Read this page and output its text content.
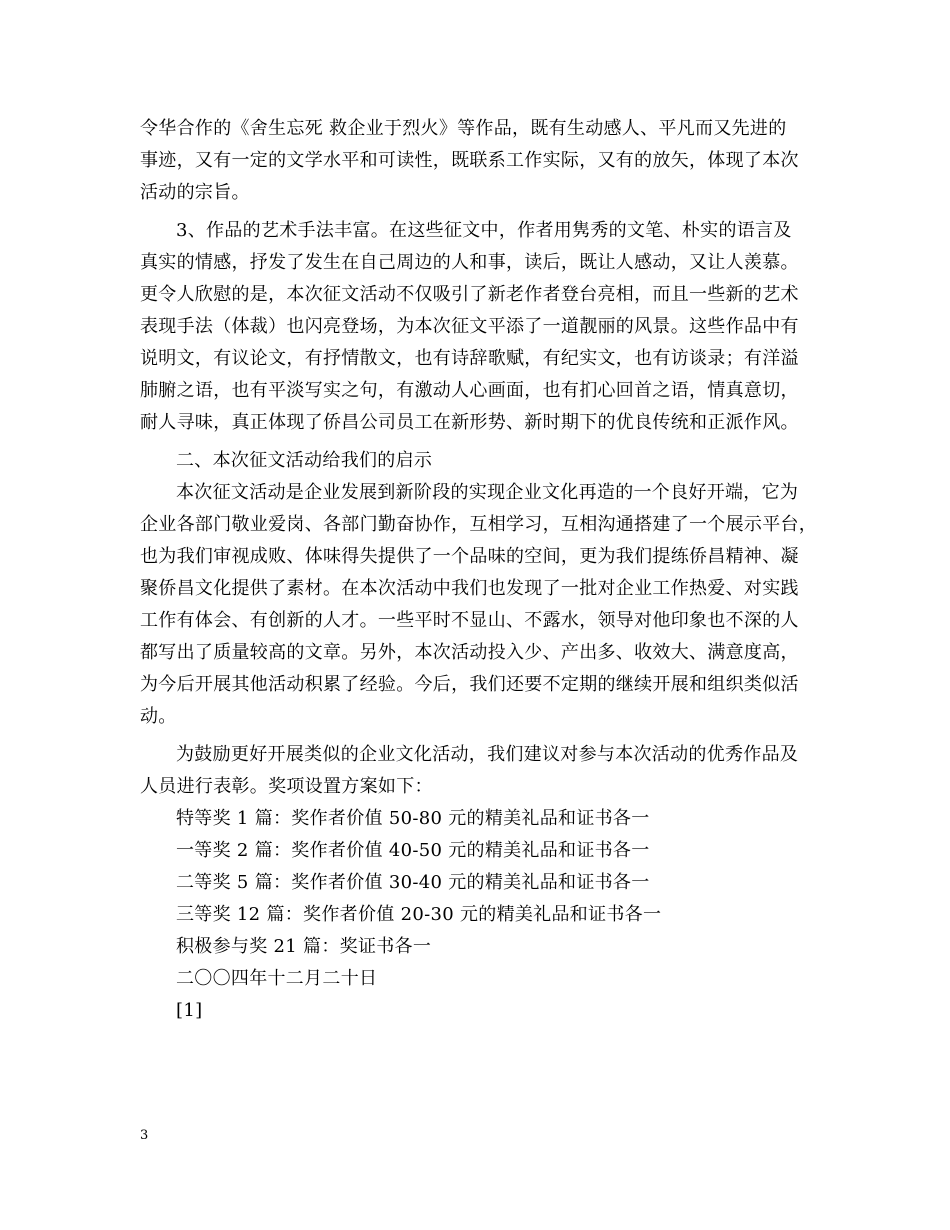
令华合作的《舍生忘死 救企业于烈火》等作品，既有生动感人、平凡而又先进的
事迹，又有一定的文学水平和可读性，既联系工作实际，又有的放矢，体现了本次
活动的宗旨。
3、作品的艺术手法丰富。在这些征文中，作者用隽秀的文笔、朴实的语言及
真实的情感，抒发了发生在自己周边的人和事，读后，既让人感动，又让人羡慕。
更令人欣慰的是，本次征文活动不仅吸引了新老作者登台亮相，而且一些新的艺术
表现手法（体裁）也闪亮登场，为本次征文平添了一道靓丽的风景。这些作品中有
说明文，有议论文，有抒情散文，也有诗辞歌赋，有纪实文，也有访谈录；有洋溢
肺腑之语，也有平淡写实之句，有激动人心画面，也有扪心回首之语，情真意切，
耐人寻味，真正体现了侨昌公司员工在新形势、新时期下的优良传统和正派作风。
二、本次征文活动给我们的启示
本次征文活动是企业发展到新阶段的实现企业文化再造的一个良好开端，它为
企业各部门敬业爱岗、各部门勤奋协作，互相学习，互相沟通搭建了一个展示平台，
也为我们审视成败、体味得失提供了一个品味的空间，更为我们提练侨昌精神、凝
聚侨昌文化提供了素材。在本次活动中我们也发现了一批对企业工作热爱、对实践
工作有体会、有创新的人才。一些平时不显山、不露水，领导对他印象也不深的人
都写出了质量较高的文章。另外，本次活动投入少、产出多、收效大、满意度高，
为今后开展其他活动积累了经验。今后，我们还要不定期的继续开展和组织类似活
动。
为鼓励更好开展类似的企业文化活动，我们建议对参与本次活动的优秀作品及
人员进行表彰。奖项设置方案如下：
特等奖 1 篇：奖作者价值 50-80 元的精美礼品和证书各一
一等奖 2 篇：奖作者价值 40-50 元的精美礼品和证书各一
二等奖 5 篇：奖作者价值 30-40 元的精美礼品和证书各一
三等奖 12 篇：奖作者价值 20-30 元的精美礼品和证书各一
积极参与奖 21 篇：奖证书各一
二〇〇四年十二月二十日
[1]
3
